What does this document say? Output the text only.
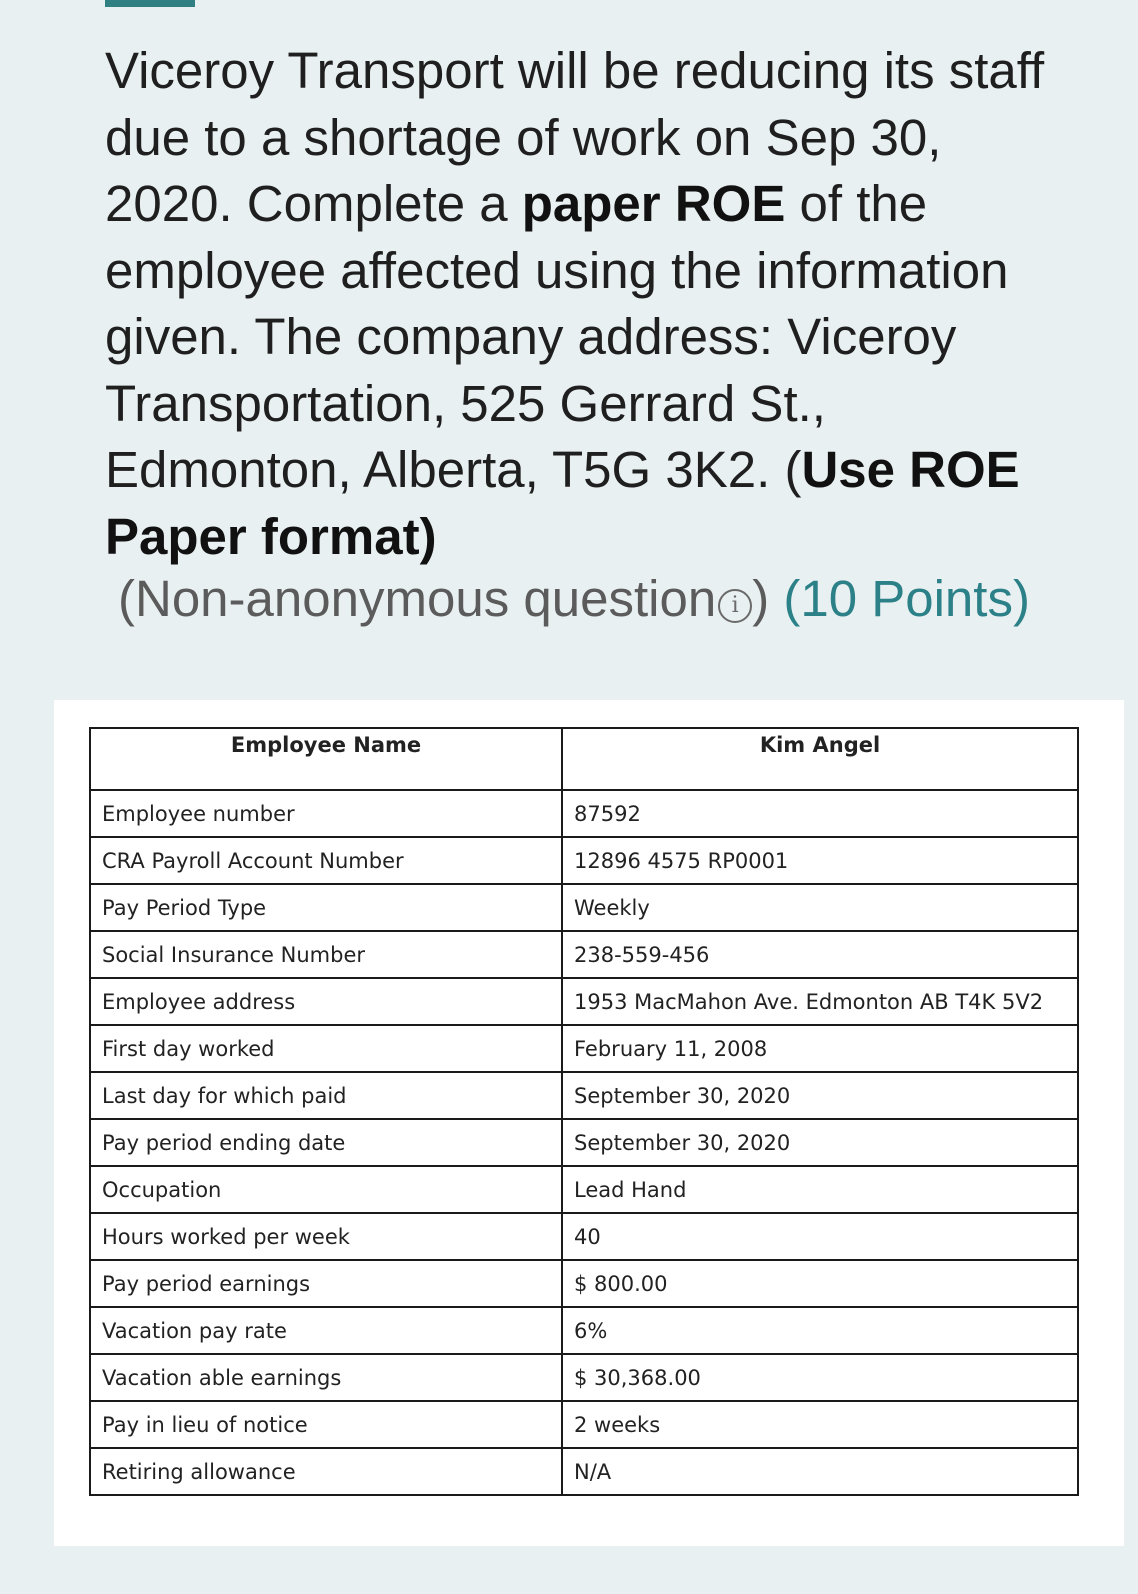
Viceroy Transport will be reducing its staff due to a shortage of work on Sep 30, 2020. Complete a paper ROE of the employee affected using the information given. The company address: Viceroy Transportation, 525 Gerrard St., Edmonton, Alberta, T5G 3K2. (Use ROE Paper format)

(Non-anonymous question i ) (10 Points)
Employee Name	Kim Angel
Employee number	87592
CRA Payroll Account Number	12896 4575 RP0001
Pay Period Type	Weekly
Social Insurance Number	238-559-456
Employee address	1953 MacMahon Ave. Edmonton AB T4K 5V2
First day worked	February 11, 2008
Last day for which paid	September 30, 2020
Pay period ending date	September 30, 2020
Occupation	Lead Hand
Hours worked per week	40
Pay period earnings	$ 800.00
Vacation pay rate	6%
Vacation able earnings	$ 30,368.00
Pay in lieu of notice	2 weeks
Retiring allowance	N/A
